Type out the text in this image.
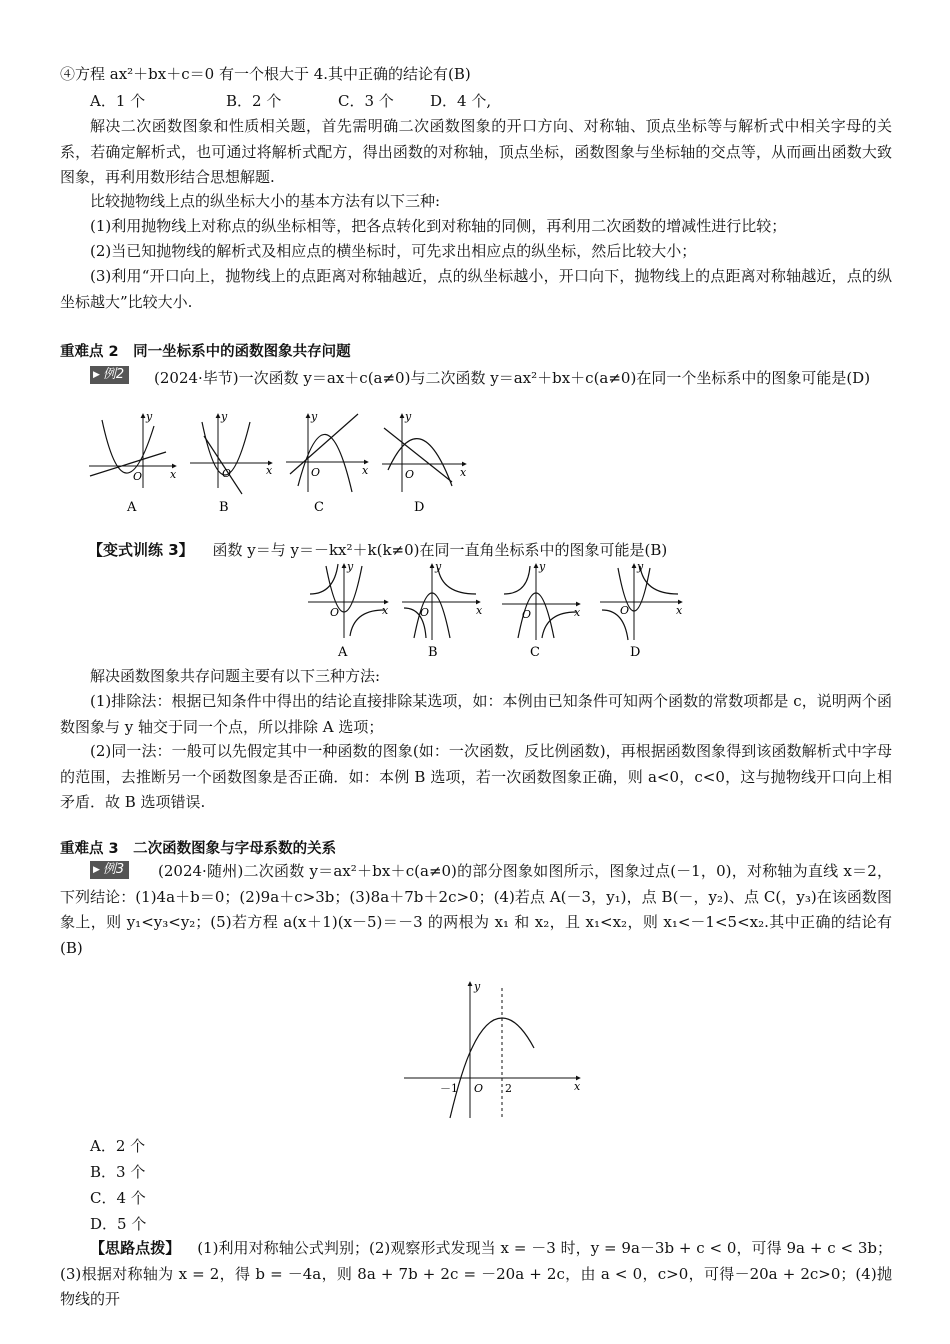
④方程 ax²＋bx＋c＝0 有一个根大于 4.其中正确的结论有(B)

A．1 个	B．2 个	C．3 个 D．4 个,

解决二次函数图象和性质相关题，首先需明确二次函数图象的开口方向、对称轴、顶点坐标等与解析式中相关字母的关系，若确定解析式，也可通过将解析式配方，得出函数的对称轴，顶点坐标，函数图象与坐标轴的交点等，从而画出函数大致图象，再利用数形结合思想解题.

比较抛物线上点的纵坐标大小的基本方法有以下三种:

(1)利用抛物线上对称点的纵坐标相等，把各点转化到对称轴的同侧，再利用二次函数的增减性进行比较；

(2)当已知抛物线的解析式及相应点的横坐标时，可先求出相应点的纵坐标，然后比较大小；

(3)利用“开口向上，抛物线上的点距离对称轴越近，点的纵坐标越小，开口向下，抛物线上的点距离对称轴越近，点的纵坐标越大”比较大小.

重难点 2　同一坐标系中的函数图象共存问题

▶ 例2	(2024·毕节)一次函数 y＝ax＋c(a≠0)与二次函数 y＝ax²＋bx＋c(a≠0)在同一个坐标系中的图象可能是(D)

y
x
O
A
y
x
O
B
y
x
O
C
y
x
O
D

【变式训练 3】 函数 y＝与 y＝－kx²＋k(k≠0)在同一直角坐标系中的图象可能是(B)

y
x
O
A
y
x
O
B
y
x
O
C
y
x
O
D

解决函数图象共存问题主要有以下三种方法:

(1)排除法：根据已知条件中得出的结论直接排除某选项，如：本例由已知条件可知两个函数的常数项都是 c，说明两个函数图象与 y 轴交于同一个点，所以排除 A 选项；

(2)同一法：一般可以先假定其中一种函数的图象(如：一次函数，反比例函数)，再根据函数图象得到该函数解析式中字母的范围，去推断另一个函数图象是否正确．如：本例 B 选项，若一次函数图象正确，则 a<0，c<0，这与抛物线开口向上相矛盾．故 B 选项错误.

重难点 3　二次函数图象与字母系数的关系

▶ 例3	(2024·随州)二次函数 y＝ax²＋bx＋c(a≠0)的部分图象如图所示，图象过点(－1，0)，对称轴为直线 x＝2，下列结论：(1)4a＋b＝0；(2)9a＋c>3b；(3)8a＋7b＋2c>0；(4)若点 A(－3，y₁)，点 B(－，y₂)、点 C(，y₃)在该函数图象上，则 y₁<y₃<y₂；(5)若方程 a(x＋1)(x－5)＝－3 的两根为 x₁ 和 x₂，且 x₁<x₂，则 x₁<－1<5<x₂.其中正确的结论有(B)

y
x
－1 O 2
A．2 个
B．3 个
C．4 个
D．5 个

【思路点拨】 (1)利用对称轴公式判别；(2)观察形式发现当 x = －3 时，y = 9a－3b + c < 0，可得 9a + c < 3b；(3)根据对称轴为 x = 2，得 b = －4a，则 8a + 7b + 2c = －20a + 2c，由 a < 0，c>0，可得－20a + 2c>0；(4)抛物线的开
